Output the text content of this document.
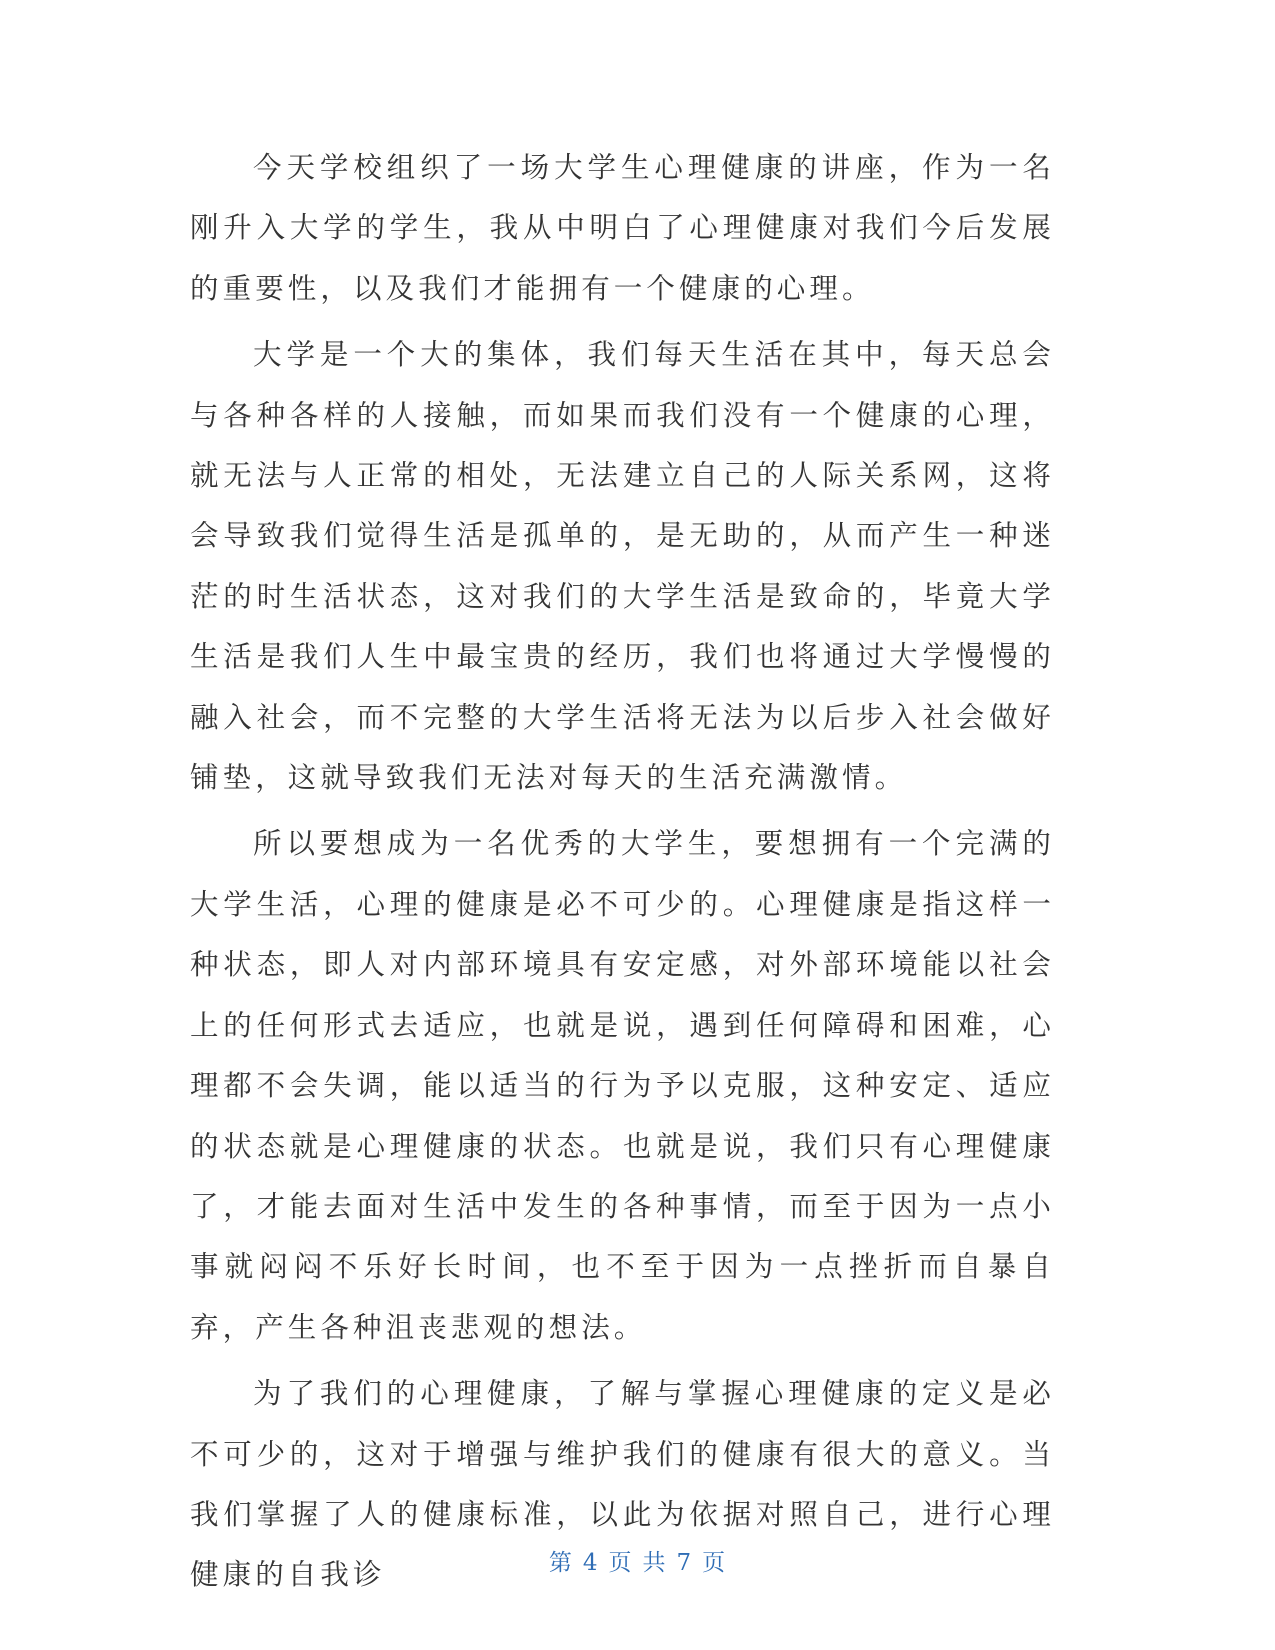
今天学校组织了一场大学生心理健康的讲座，作为一名刚升入大学的学生，我从中明白了心理健康对我们今后发展的重要性，以及我们才能拥有一个健康的心理。

大学是一个大的集体，我们每天生活在其中，每天总会与各种各样的人接触，而如果而我们没有一个健康的心理，就无法与人正常的相处，无法建立自己的人际关系网，这将会导致我们觉得生活是孤单的，是无助的，从而产生一种迷茫的时生活状态，这对我们的大学生活是致命的，毕竟大学生活是我们人生中最宝贵的经历，我们也将通过大学慢慢的融入社会，而不完整的大学生活将无法为以后步入社会做好铺垫，这就导致我们无法对每天的生活充满激情。

所以要想成为一名优秀的大学生，要想拥有一个完满的大学生活，心理的健康是必不可少的。心理健康是指这样一种状态，即人对内部环境具有安定感，对外部环境能以社会上的任何形式去适应，也就是说，遇到任何障碍和困难，心理都不会失调，能以适当的行为予以克服，这种安定、适应的状态就是心理健康的状态。也就是说，我们只有心理健康了，才能去面对生活中发生的各种事情，而至于因为一点小事就闷闷不乐好长时间，也不至于因为一点挫折而自暴自弃，产生各种沮丧悲观的想法。

为了我们的心理健康，了解与掌握心理健康的定义是必不可少的，这对于增强与维护我们的健康有很大的意义。当我们掌握了人的健康标准，以此为依据对照自己，进行心理健康的自我诊	第 4 页 共 7 页
